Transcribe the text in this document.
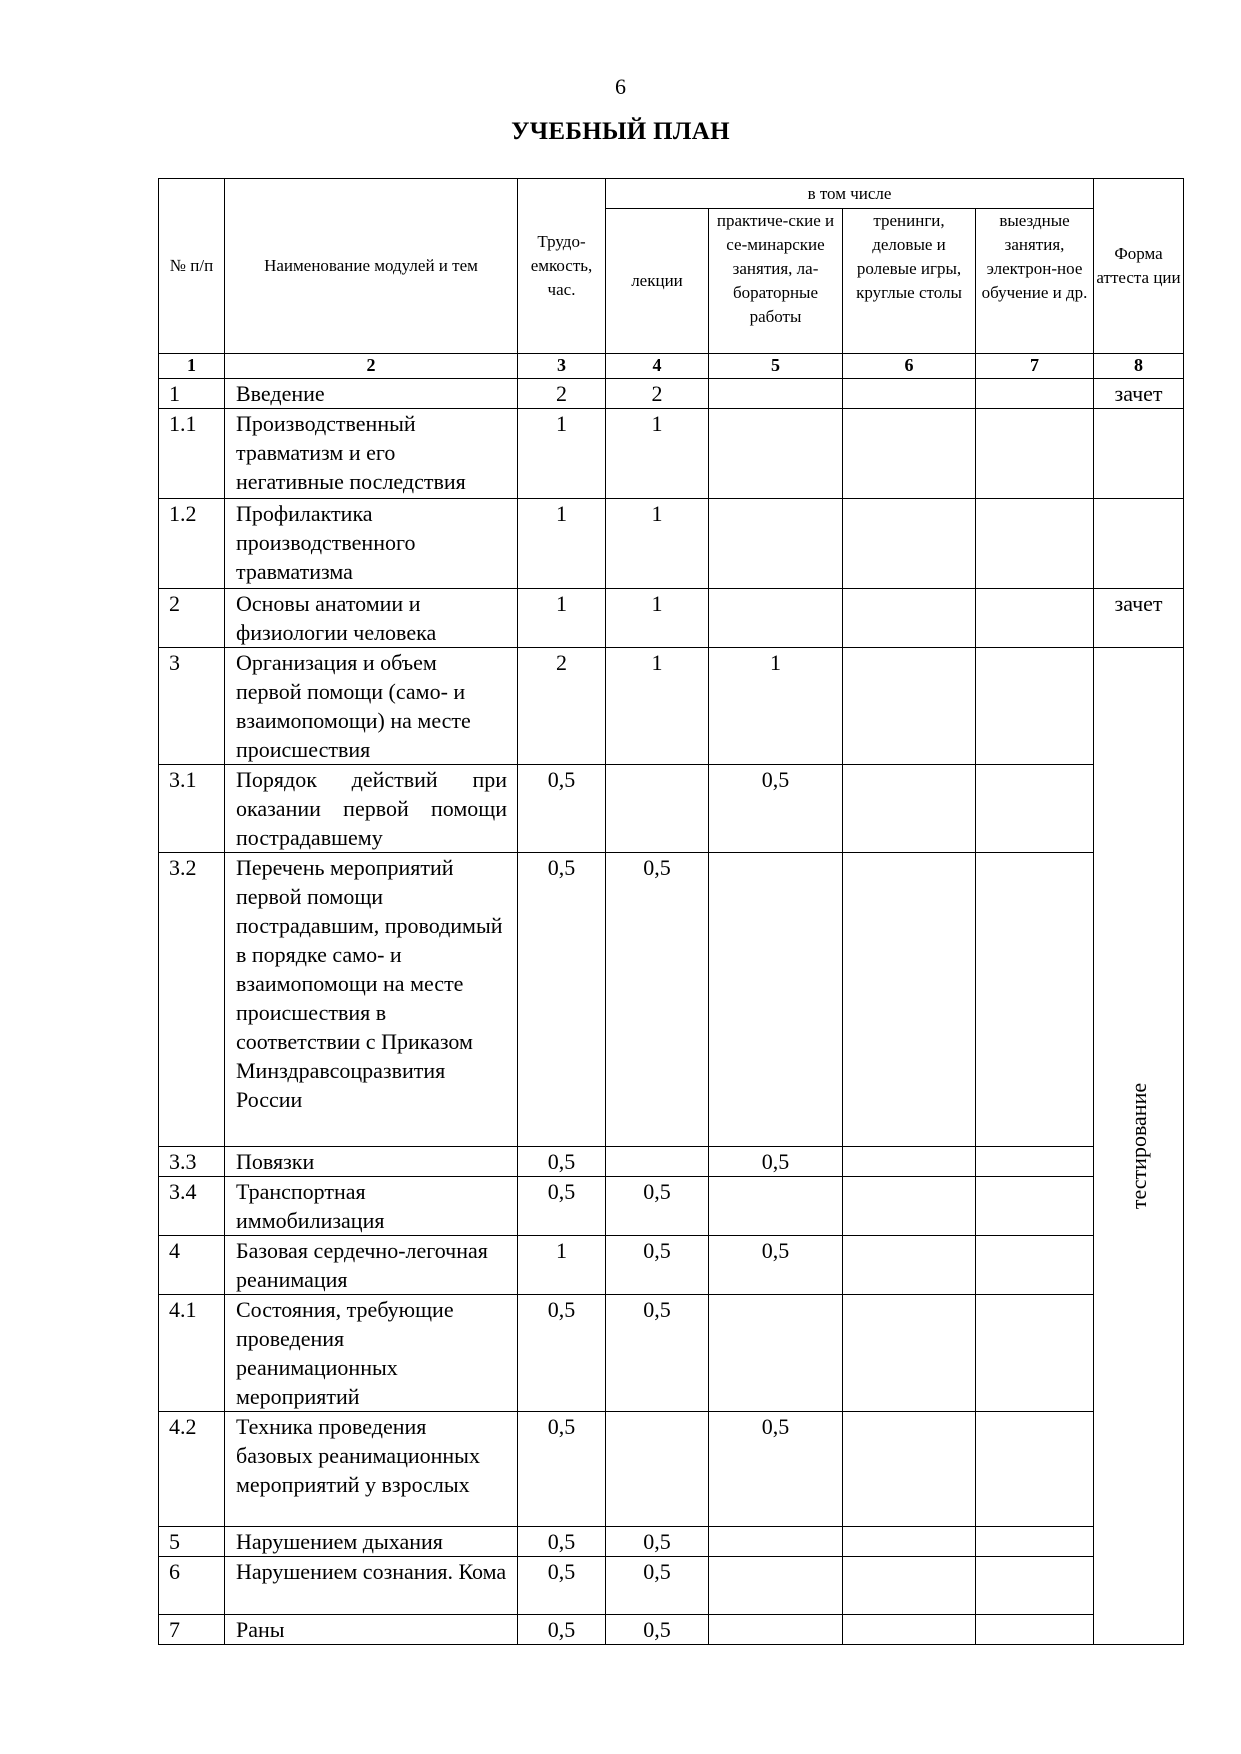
6
УЧЕБНЫЙ ПЛАН
№ п/п	Наименование модулей и тем	Трудо-емкость, час.	в том числе				Форма аттеста ции
			лекции	практиче-ские и се-минарские занятия, ла-бораторные работы	тренинги, деловые и ролевые игры, круглые столы	выездные занятия, электрон-ное обучение и др.	
1	2	3	4	5	6	7	8
1	Введение	2	2				зачет
1.1	Производственный травматизм и его негативные последствия	1	1				
1.2	Профилактика производственного травматизма	1	1				
2	Основы анатомии и физиологии человека	1	1				зачет
3	Организация и объем первой помощи (само- и взаимопомощи) на месте происшествия	2	1	1			тестирование

3.1	Порядок действий при оказании первой помощи пострадавшему	0,5		0,5			
3.2	Перечень мероприятий первой помощи пострадавшим, проводимый в порядке само- и взаимопомощи на месте происшествия в соответствии с Приказом Минздравсоцразвития России	0,5	0,5				
3.3	Повязки	0,5		0,5			
3.4	Транспортная иммобилизация	0,5	0,5				
4	Базовая сердечно-легочная реанимация	1	0,5	0,5			
4.1	Состояния, требующие проведения реанимационных мероприятий	0,5	0,5				
4.2	Техника проведения базовых реанимационных мероприятий у взрослых	0,5		0,5			
5	Нарушением дыхания	0,5	0,5				
6	Нарушением сознания. Кома	0,5	0,5				
7	Раны	0,5	0,5				
